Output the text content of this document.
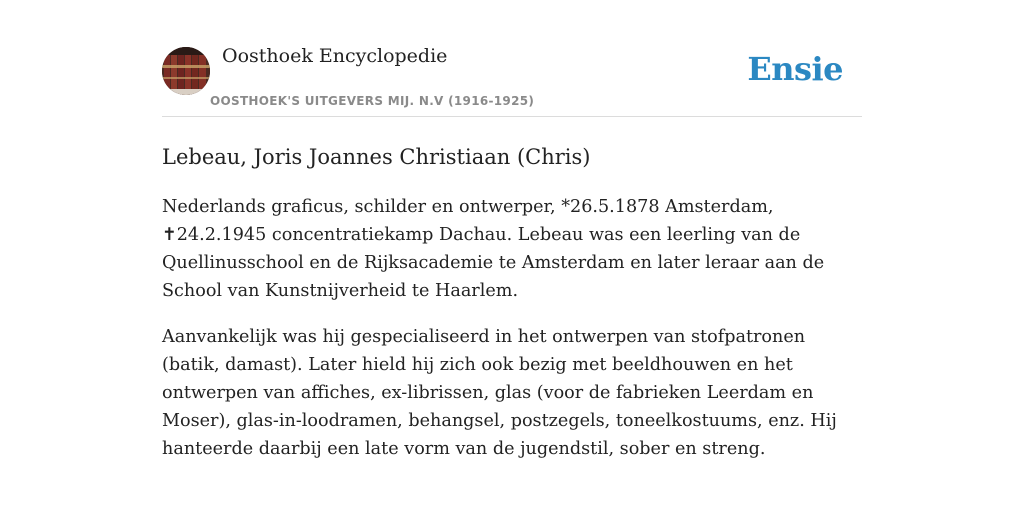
Oosthoek Encyclopedie
OOSTHOEK'S UITGEVERS MIJ. N.V (1916-1925)
Ensie
Lebeau, Joris Joannes Christiaan (Chris)

Nederlands graficus, schilder en ontwerper, *26.5.1878 Amsterdam, ✝24.2.1945 concentratiekamp Dachau. Lebeau was een leerling van de Quellinusschool en de Rijksacademie te Amsterdam en later leraar aan de School van Kunstnijverheid te Haarlem.

Aanvankelijk was hij gespecialiseerd in het ontwerpen van stofpatronen (batik, damast). Later hield hij zich ook bezig met beeldhouwen en het ontwerpen van affiches, ex-librissen, glas (voor de fabrieken Leerdam en Moser), glas-in-loodramen, behangsel, postzegels, toneelkostuums, enz. Hij hanteerde daarbij een late vorm van de jugendstil, sober en streng.
